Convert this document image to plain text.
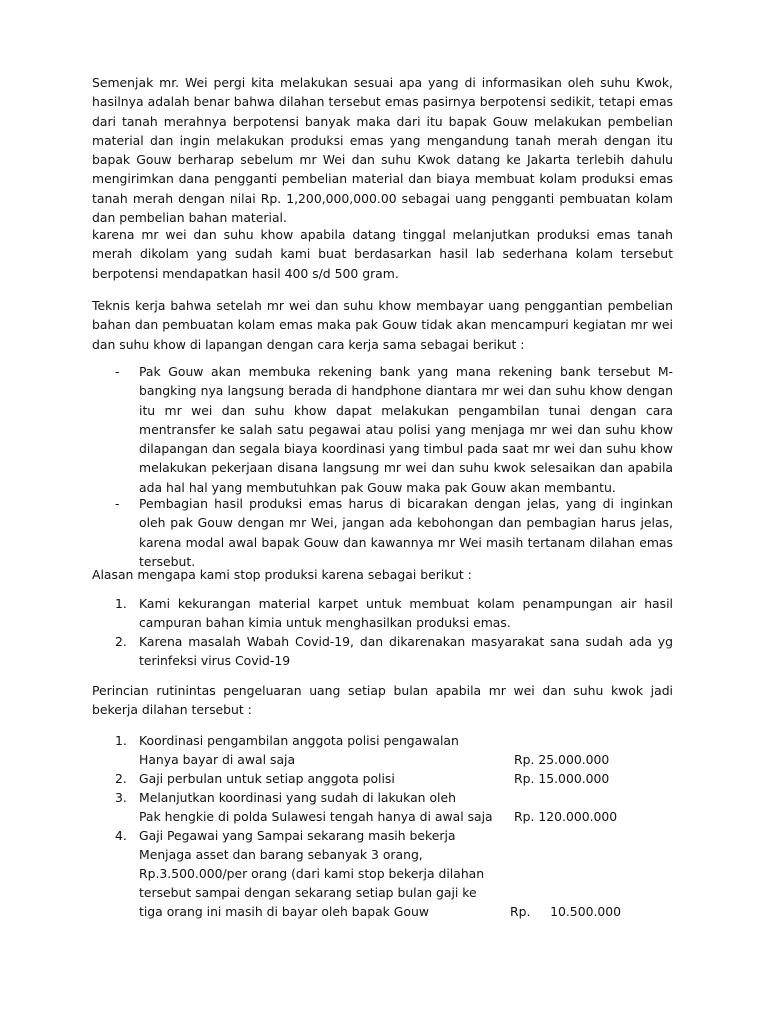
Semenjak mr. Wei pergi kita melakukan sesuai apa yang di informasikan oleh suhu Kwok, hasilnya adalah benar bahwa dilahan tersebut emas pasirnya berpotensi sedikit, tetapi emas dari tanah merahnya berpotensi banyak maka dari itu bapak Gouw melakukan pembelian material dan ingin melakukan produksi emas yang mengandung tanah merah dengan itu bapak Gouw berharap sebelum mr Wei dan suhu Kwok datang ke Jakarta terlebih dahulu mengirimkan dana pengganti pembelian material dan biaya membuat kolam produksi emas tanah merah dengan nilai Rp. 1,200,000,000.00 sebagai uang pengganti pembuatan kolam dan pembelian bahan material.

karena mr wei dan suhu khow apabila datang tinggal melanjutkan produksi emas tanah merah dikolam yang sudah kami buat berdasarkan hasil lab sederhana kolam tersebut berpotensi mendapatkan hasil 400 s/d 500 gram.

Teknis kerja bahwa setelah mr wei dan suhu khow membayar uang penggantian pembelian bahan dan pembuatan kolam emas maka pak Gouw tidak akan mencampuri kegiatan mr wei dan suhu khow di lapangan dengan cara kerja sama sebagai berikut :

- Pak Gouw akan membuka rekening bank yang mana rekening bank tersebut M-bangking nya langsung berada di handphone diantara mr wei dan suhu khow dengan itu mr wei dan suhu khow dapat melakukan pengambilan tunai dengan cara mentransfer ke salah satu pegawai atau polisi yang menjaga mr wei dan suhu khow dilapangan dan segala biaya koordinasi yang timbul pada saat mr wei dan suhu khow melakukan pekerjaan disana langsung mr wei dan suhu kwok selesaikan dan apabila ada hal hal yang membutuhkan pak Gouw maka pak Gouw akan membantu.
- Pembagian hasil produksi emas harus di bicarakan dengan jelas, yang di inginkan oleh pak Gouw dengan mr Wei, jangan ada kebohongan dan pembagian harus jelas, karena modal awal bapak Gouw dan kawannya mr Wei masih tertanam dilahan emas tersebut.

Alasan mengapa kami stop produksi karena sebagai berikut :

1. Kami kekurangan material karpet untuk membuat kolam penampungan air hasil campuran bahan kimia untuk menghasilkan produksi emas.
2. Karena masalah Wabah Covid-19, dan dikarenakan masyarakat sana sudah ada yg terinfeksi virus Covid-19

Perincian rutinintas pengeluaran uang setiap bulan apabila mr wei dan suhu kwok jadi bekerja dilahan tersebut :

1. Koordinasi pengambilan anggota polisi pengawalan
Hanya bayar di awal saja	Rp. 25.000.000
2. Gaji perbulan untuk setiap anggota polisi	Rp. 15.000.000
3. Melanjutkan koordinasi yang sudah di lakukan oleh
Pak hengkie di polda Sulawesi tengah hanya di awal saja Rp. 120.000.000
4. Gaji Pegawai yang Sampai sekarang masih bekerja
Menjaga asset dan barang sebanyak 3 orang,
Rp.3.500.000/per orang (dari kami stop bekerja dilahan
tersebut sampai dengan sekarang setiap bulan gaji ke
tiga orang ini masih di bayar oleh bapak Gouw	Rp.     10.500.000
